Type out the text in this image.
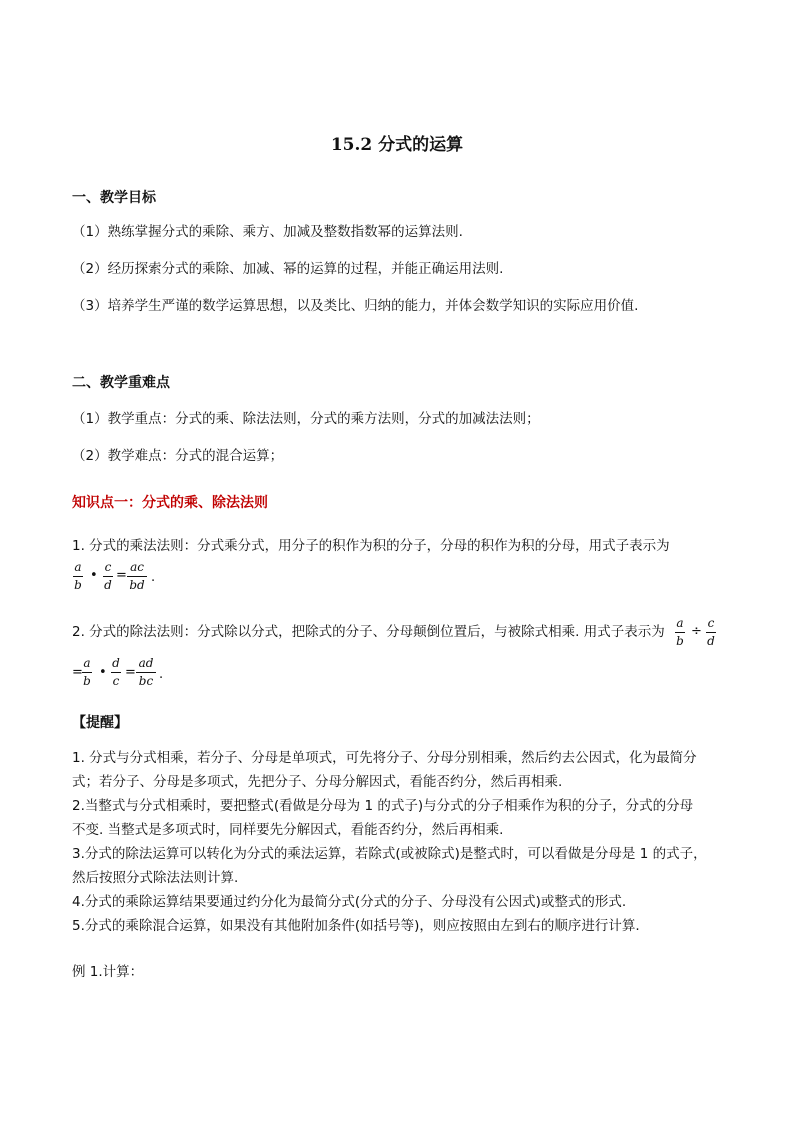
15.2 分式的运算
一、教学目标
（1）熟练掌握分式的乘除、乘方、加减及整数指数幂的运算法则.
（2）经历探索分式的乘除、加减、幂的运算的过程，并能正确运用法则.
（3）培养学生严谨的数学运算思想，以及类比、归纳的能力，并体会数学知识的实际应用价值.
二、教学重难点
（1）教学重点：分式的乘、除法法则，分式的乘方法则，分式的加减法法则；
（2）教学难点：分式的混合运算；
知识点一：分式的乘、除法法则
1. 分式的乘法法则：分式乘分式，用分子的积作为积的分子，分母的积作为积的分母，用式子表示为
a
b
•
c
d
=
ac
bd .
2. 分式的除法法则：分式除以分式，把除式的分子、分母颠倒位置后，与被除式相乘. 用式子表示为
a
b
÷
c
d
=
a
b
•
d
c
=
ad
bc .
【提醒】
1. 分式与分式相乘，若分子、分母是单项式，可先将分子、分母分别相乘，然后约去公因式，化为最简分
式；若分子、分母是多项式，先把分子、分母分解因式，看能否约分，然后再相乘.
2.当整式与分式相乘时，要把整式(看做是分母为 1 的式子)与分式的分子相乘作为积的分子，分式的分母
不变. 当整式是多项式时，同样要先分解因式，看能否约分，然后再相乘.
3.分式的除法运算可以转化为分式的乘法运算，若除式(或被除式)是整式时，可以看做是分母是 1 的式子，
然后按照分式除法法则计算.
4.分式的乘除运算结果要通过约分化为最简分式(分式的分子、分母没有公因式)或整式的形式.
5.分式的乘除混合运算，如果没有其他附加条件(如括号等)，则应按照由左到右的顺序进行计算.
例 1.计算：
